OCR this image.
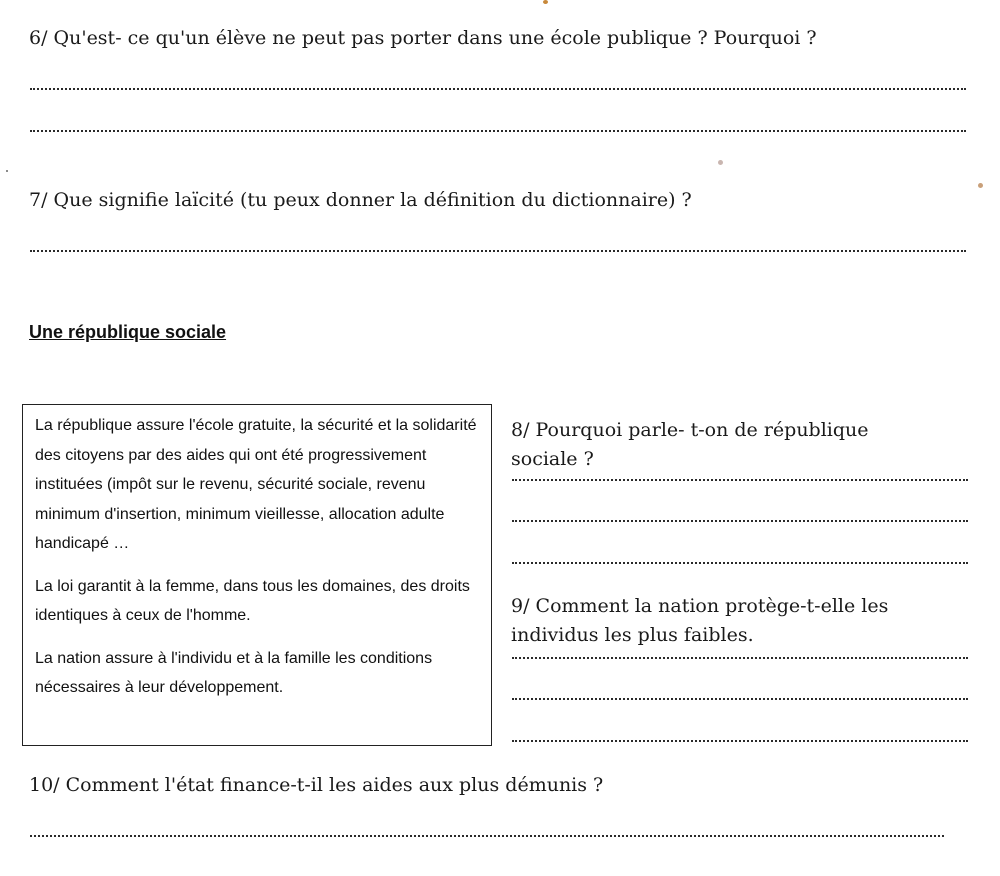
6/ Qu'est- ce qu'un élève ne peut pas porter dans une école publique ? Pourquoi ?

7/ Que signifie laïcité (tu peux donner la définition du dictionnaire) ?

Une république sociale

La république assure l'école gratuite, la sécurité et la solidarité des citoyens par des aides qui ont été progressivement instituées (impôt sur le revenu, sécurité sociale, revenu minimum d'insertion, minimum vieillesse, allocation adulte handicapé …

La loi garantit à la femme, dans tous les domaines, des droits identiques à ceux de l'homme.

La nation assure à l'individu et à la famille les conditions nécessaires à leur développement.

8/ Pourquoi parle- t-on de république sociale ?

9/ Comment la nation protège-t-elle les individus les plus faibles.

10/ Comment l'état finance-t-il les aides aux plus démunis ?
